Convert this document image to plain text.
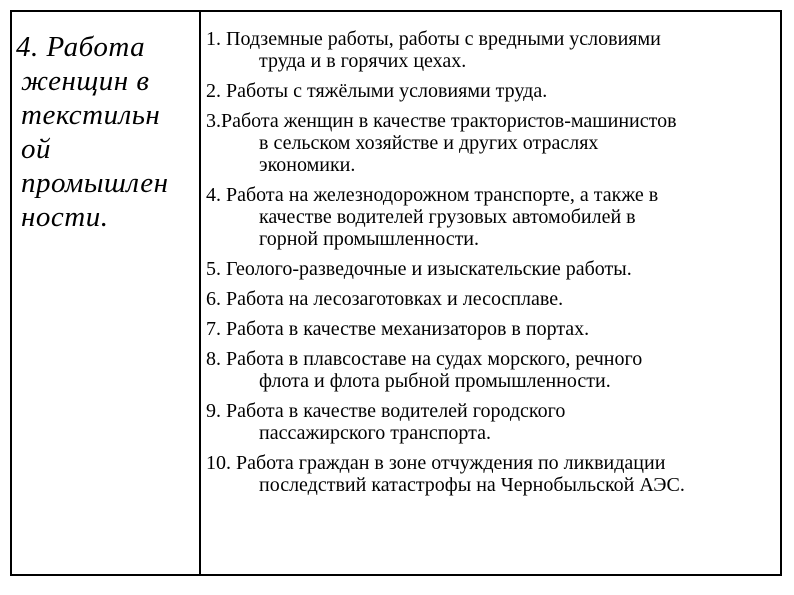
4. Работа
женщин в
текстильн
ой
промышлен
ности.
1. Подземные работы, работы с вредными условиями
труда и в горячих цехах.
2. Работы с тяжёлыми условиями труда.
3.Работа женщин в качестве трактористов-машинистов
в сельском хозяйстве и других отраслях
экономики.
4. Работа на железнодорожном транспорте, а также в
качестве водителей грузовых автомобилей в
горной промышленности.
5. Геолого-разведочные и изыскательские работы.
6. Работа на лесозаготовках и лесосплаве.
7. Работа в качестве механизаторов в портах.
8. Работа в плавсоставе на судах морского, речного
флота и флота рыбной промышленности.
9. Работа в качестве водителей городского
пассажирского транспорта.
10. Работа граждан в зоне отчуждения по ликвидации
последствий катастрофы на Чернобыльской АЭС.
